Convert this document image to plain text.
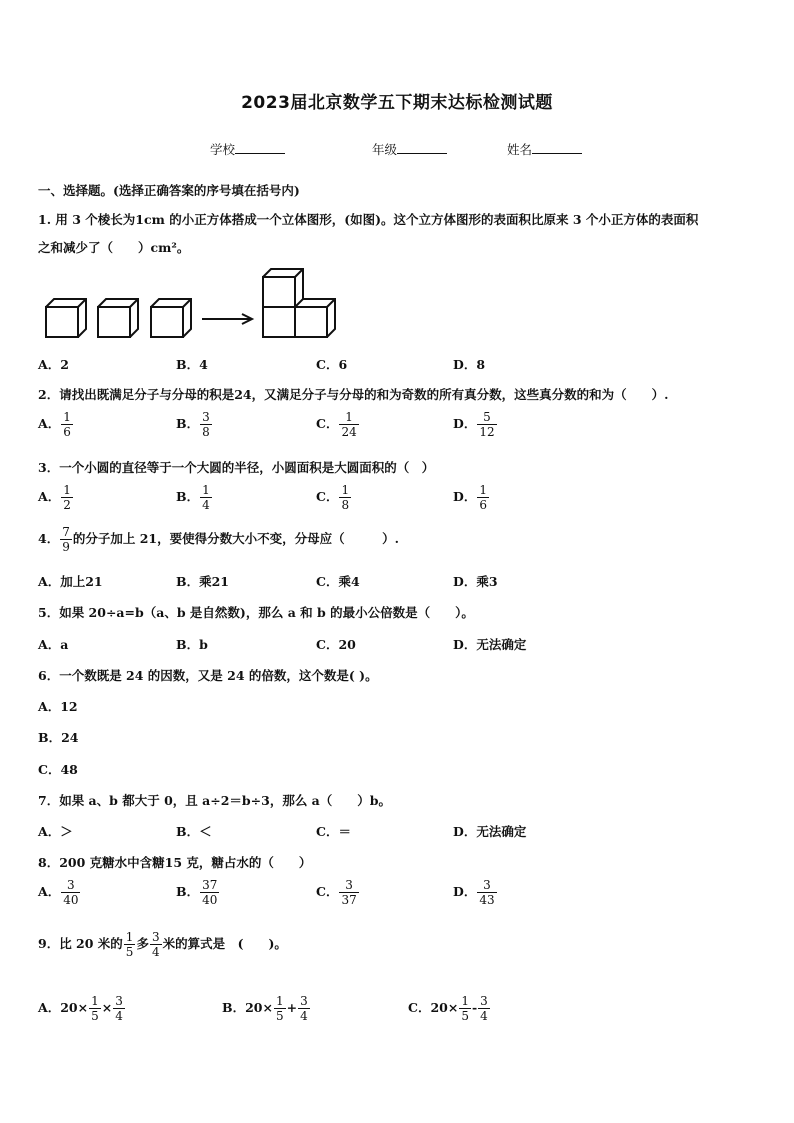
2023届北京数学五下期末达标检测试题
学校	年级	姓名
一、选择题。(选择正确答案的序号填在括号内)
1. 用 3 个棱长为1cm 的小正方体搭成一个立体图形，(如图)。这个立方体图形的表面积比原来 3 个小正方体的表面积
之和减少了（　　）cm²。
A．2	B．4	C．6	D．8
2．请找出既满足分子与分母的积是24，又满足分子与分母的和为奇数的所有真分数，这些真分数的和为（　　）.
A． $\frac{1}{6}$	B． $\frac{3}{8}$	C． $\frac{1}{24}$	D． $\frac{5}{12}$
3．一个小圆的直径等于一个大圆的半径，小圆面积是大圆面积的（　）
A． $\frac{1}{2}$	B． $\frac{1}{4}$	C． $\frac{1}{8}$	D． $\frac{1}{6}$
4． $\frac{7}{9}$ 的分子加上 21，要使得分数大小不变，分母应（　　　）.
A．加上21	B．乘21	C．乘4	D．乘3
5．如果 20÷a=b（a、b 是自然数)，那么 a 和 b 的最小公倍数是（　　）。
A．a	B．b	C．20	D．无法确定
6．一个数既是 24 的因数，又是 24 的倍数，这个数是( )。
A．12
B．24
C．48
7．如果 a、b 都大于 0，且 a÷2＝b÷3，那么 a（　　）b。
A．＞	B．＜	C．＝	D．无法确定
8．200 克糖水中含糖15 克，糖占水的（　　）
A． $\frac{3}{40}$	B． $\frac{37}{40}$	C． $\frac{3}{37}$	D． $\frac{3}{43}$
9．比 20 米的 $\frac{1}{5}$ 多 $\frac{3}{4}$ 米的算式是　(　　)。
A．$20\times \frac{1}{5} \times \frac{3}{4}$	B．$20\times \frac{1}{5} + \frac{3}{4}$	C．$20\times \frac{1}{5} - \frac{3}{4}$
